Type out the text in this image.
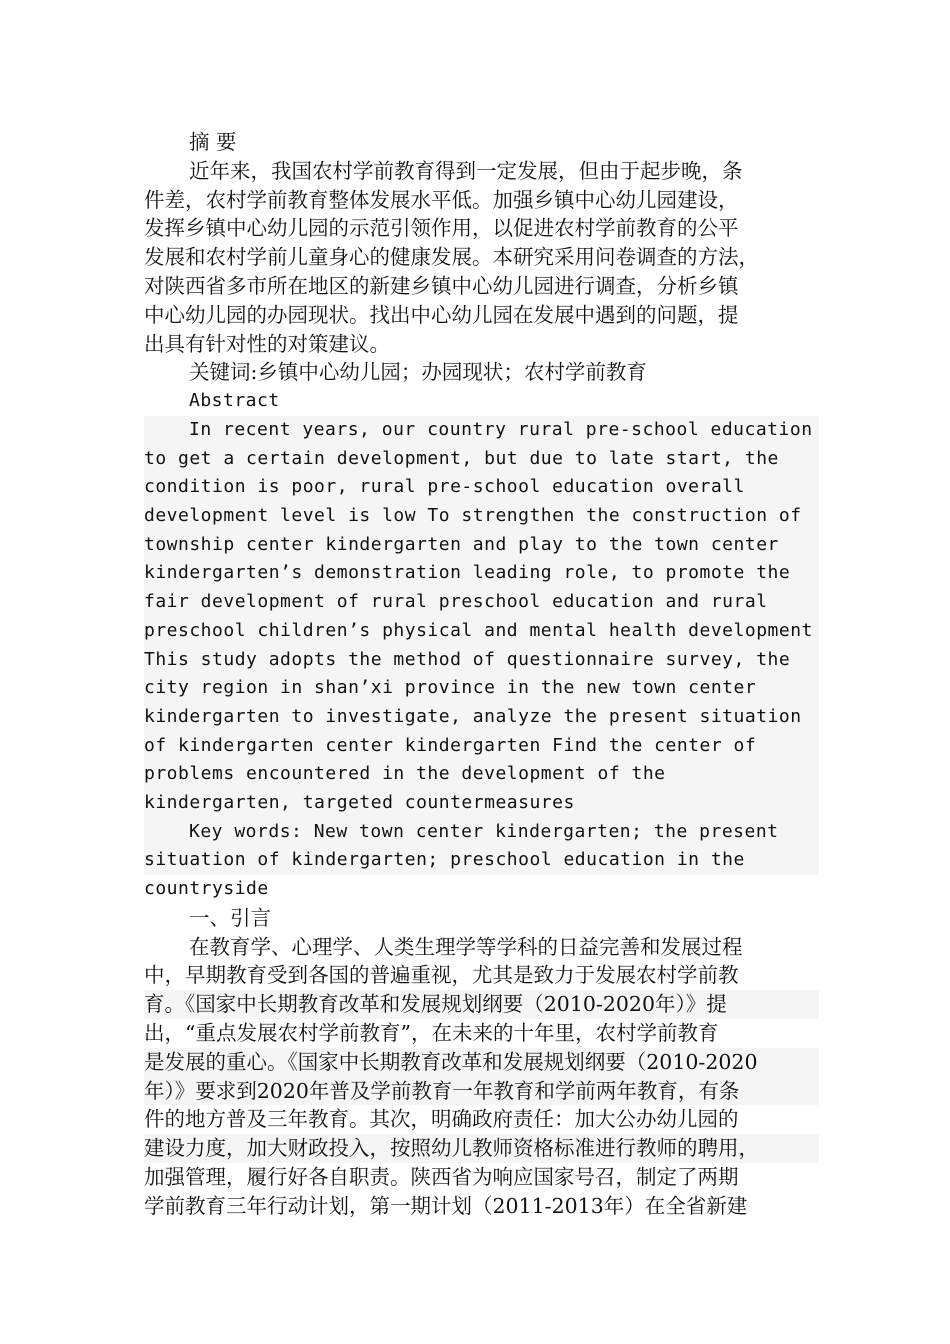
摘 要
近年来，我国农村学前教育得到一定发展，但由于起步晚，条
件差，农村学前教育整体发展水平低。加强乡镇中心幼儿园建设，
发挥乡镇中心幼儿园的示范引领作用，以促进农村学前教育的公平
发展和农村学前儿童身心的健康发展。本研究采用问卷调查的方法，
对陕西省多市所在地区的新建乡镇中心幼儿园进行调查，分析乡镇
中心幼儿园的办园现状。找出中心幼儿园在发展中遇到的问题，提
出具有针对性的对策建议。
关键词:乡镇中心幼儿园；办园现状；农村学前教育
Abstract
In recent years, our country rural pre-school education
to get a certain development, but due to late start, the
condition is poor, rural pre-school education overall
development level is low To strengthen the construction of
township center kindergarten and play to the town center
kindergarten’s demonstration leading role, to promote the
fair development of rural preschool education and rural
preschool children’s physical and mental health development
This study adopts the method of questionnaire survey, the
city region in shan’xi province in the new town center
kindergarten to investigate, analyze the present situation
of kindergarten center kindergarten Find the center of
problems encountered in the development of the
kindergarten, targeted countermeasures
Key words: New town center kindergarten; the present
situation of kindergarten; preschool education in the
countryside
一、引言
在教育学、心理学、人类生理学等学科的日益完善和发展过程
中，早期教育受到各国的普遍重视，尤其是致力于发展农村学前教
育。《国家中长期教育改革和发展规划纲要（2010-2020年）》提
出，“重点发展农村学前教育”，在未来的十年里，农村学前教育
是发展的重心。《国家中长期教育改革和发展规划纲要（2010-2020
年）》要求到2020年普及学前教育一年教育和学前两年教育，有条
件的地方普及三年教育。其次，明确政府责任：加大公办幼儿园的
建设力度，加大财政投入，按照幼儿教师资格标准进行教师的聘用，
加强管理，履行好各自职责。陕西省为响应国家号召，制定了两期
学前教育三年行动计划，第一期计划（2011-2013年）在全省新建
